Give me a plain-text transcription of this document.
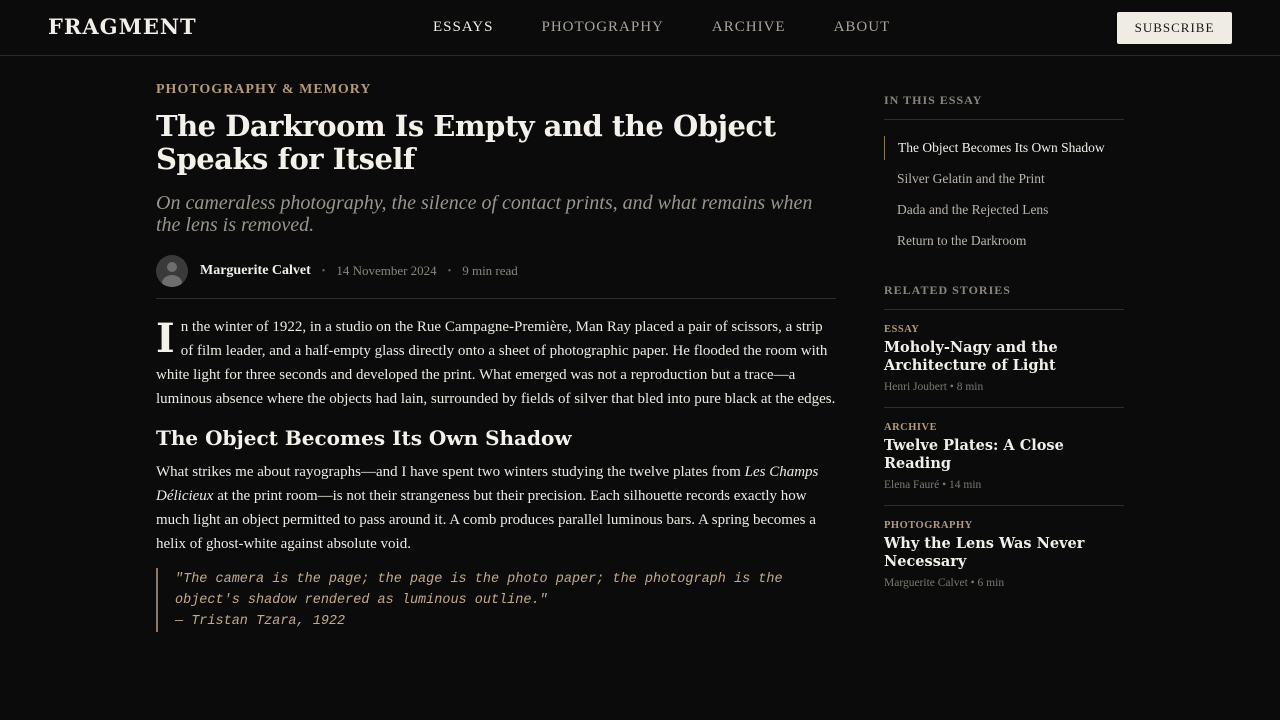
FRAGMENT	ESSAYS	PHOTOGRAPHY	ARCHIVE	ABOUT	SUBSCRIBE
PHOTOGRAPHY & MEMORY
The Darkroom Is Empty and the Object Speaks for Itself
On cameraless photography, the silence of contact prints, and what remains when the lens is removed.
Marguerite Calvet • 14 November 2024 • 9 min read

In the winter of 1922, in a studio on the Rue Campagne-Première, Man Ray placed a pair of scissors, a strip of film leader, and a half-empty glass directly onto a sheet of photographic paper. He flooded the room with white light for three seconds and developed the print. What emerged was not a reproduction but a trace—a luminous absence where the objects had lain, surrounded by fields of silver that bled into pure black at the edges.

The Object Becomes Its Own Shadow

What strikes me about rayographs—and I have spent two winters studying the twelve plates from Les Champs Délicieux at the print room—is not their strangeness but their precision. Each silhouette records exactly how much light an object permitted to pass around it. A comb produces parallel luminous bars. A spring becomes a helix of ghost-white against absolute void.

"The camera is the page; the page is the photo paper; the photograph is the object's shadow rendered as luminous outline."
— Tristan Tzara, 1922
IN THIS ESSAY
The Object Becomes Its Own Shadow
Silver Gelatin and the Print
Dada and the Rejected Lens
Return to the Darkroom
RELATED STORIES
ESSAY
Moholy-Nagy and the Architecture of Light
Henri Joubert • 8 min
ARCHIVE
Twelve Plates: A Close Reading
Elena Fauré • 14 min
PHOTOGRAPHY
Why the Lens Was Never Necessary
Marguerite Calvet • 6 min
